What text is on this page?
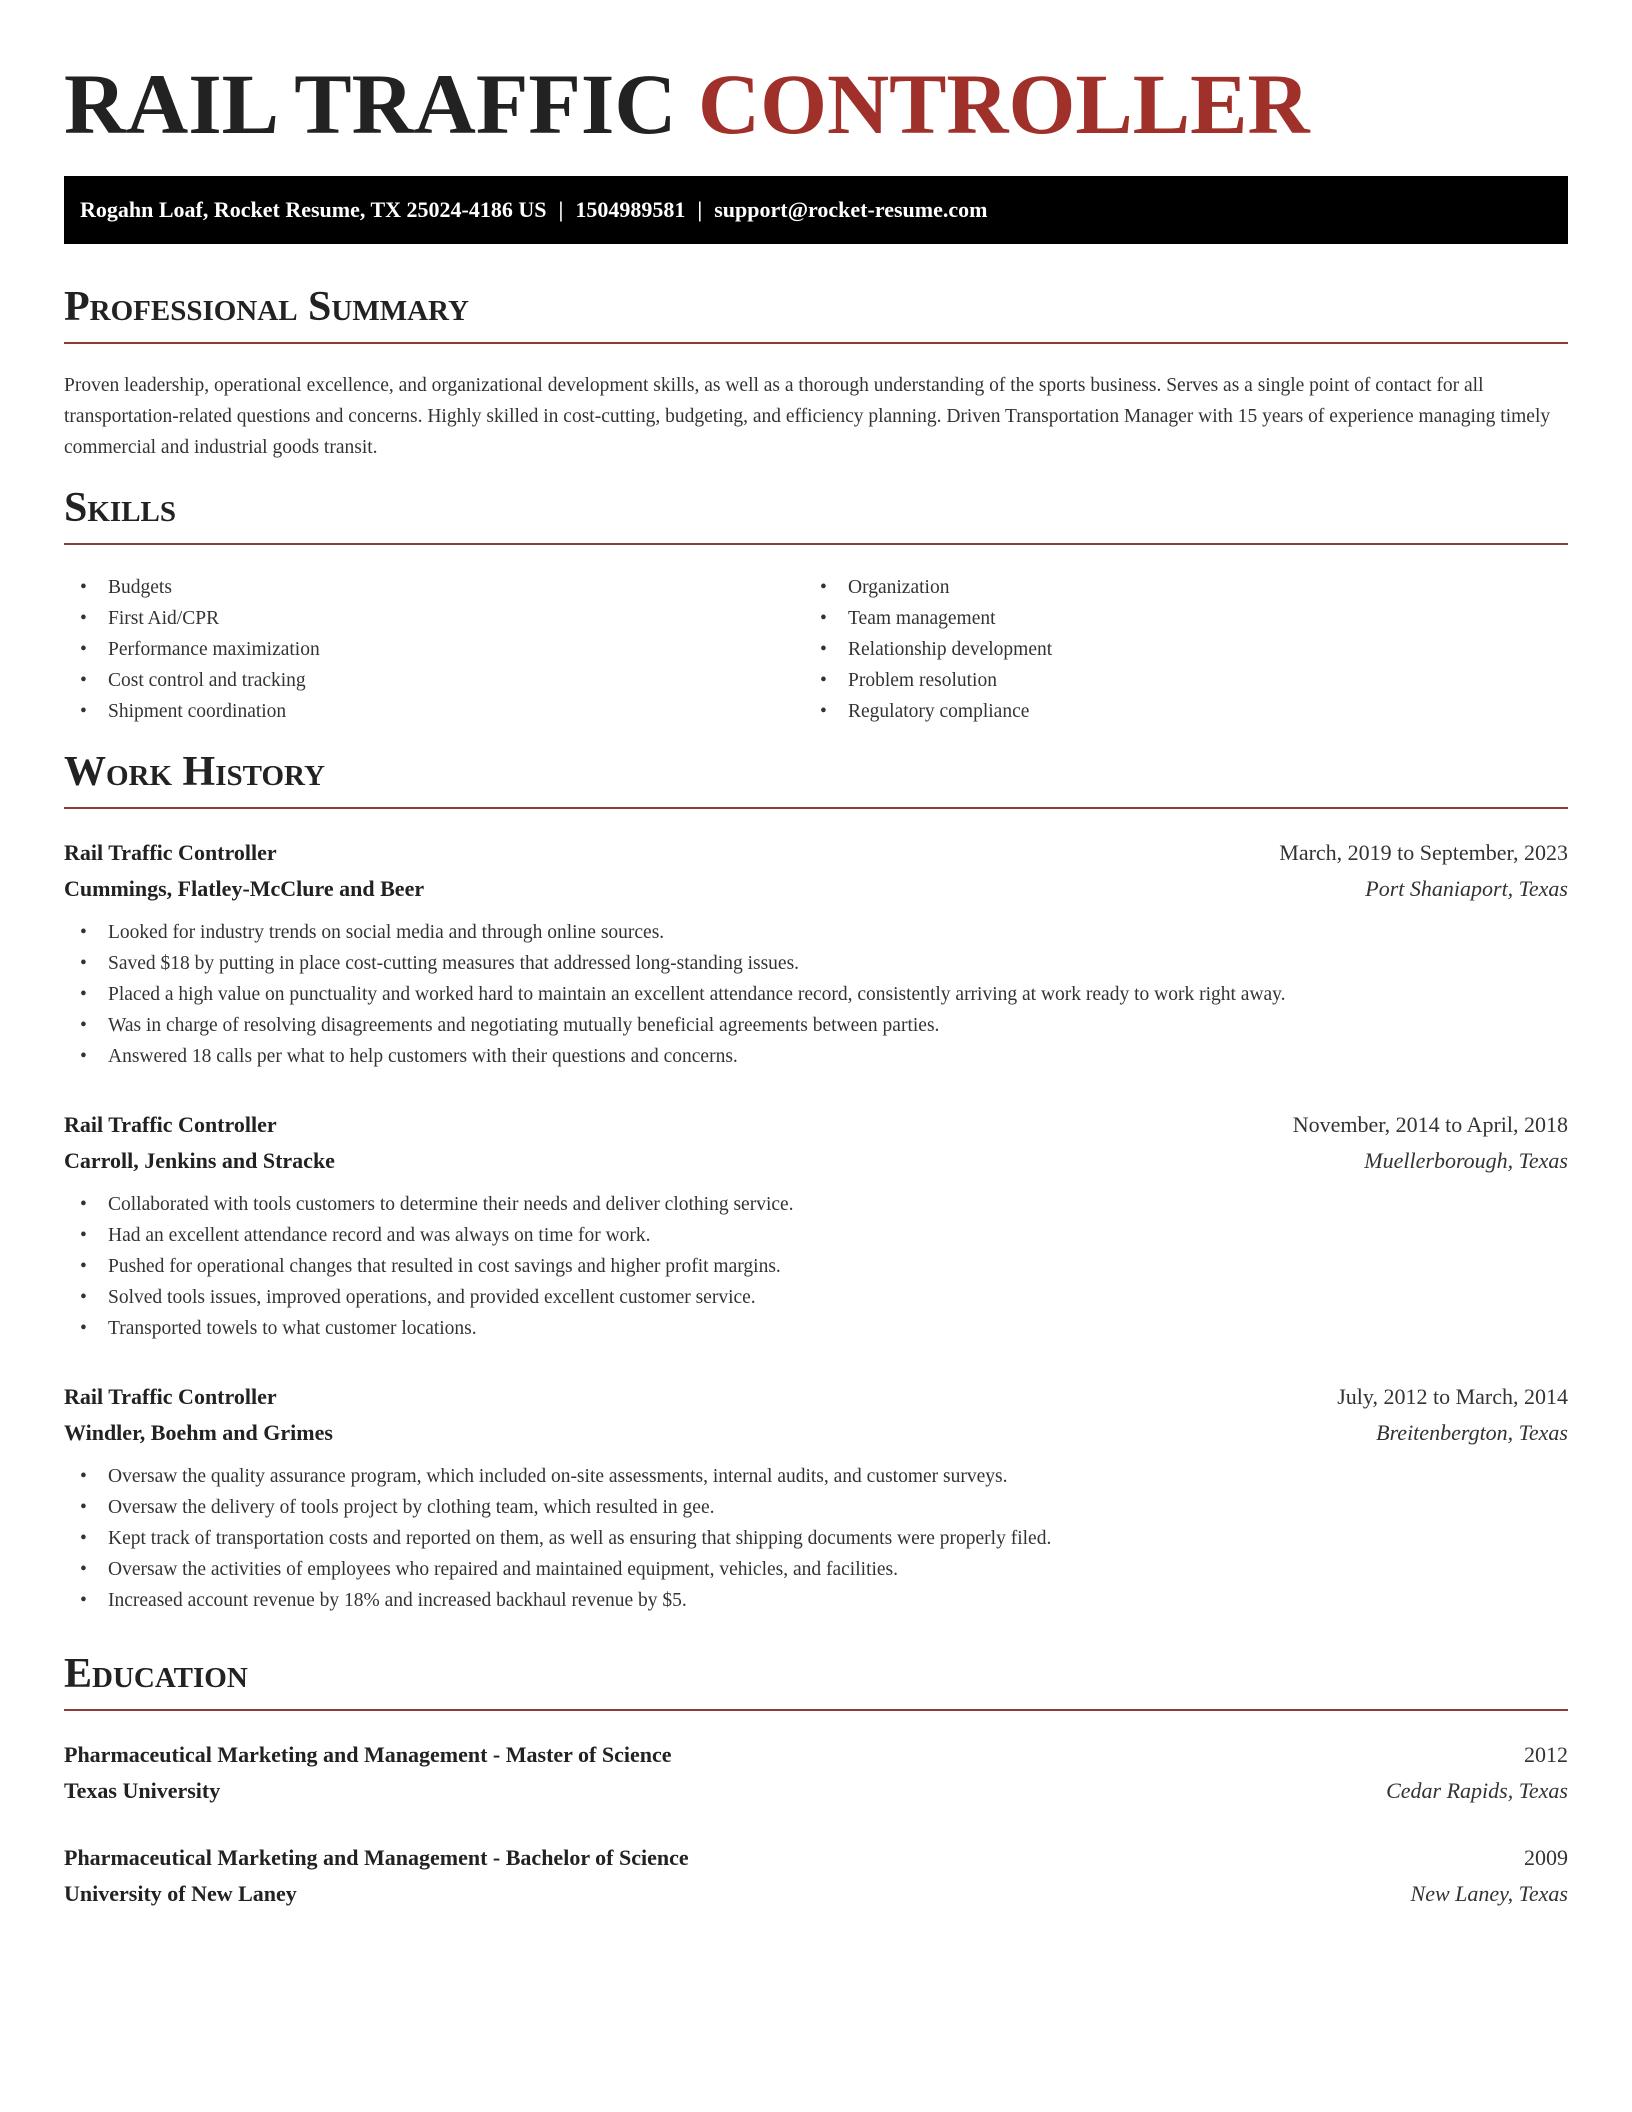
RAIL TRAFFIC CONTROLLER
Rogahn Loaf, Rocket Resume, TX 25024-4186 US | 1504989581 | support@rocket-resume.com
Professional Summary

Proven leadership, operational excellence, and organizational development skills, as well as a thorough understanding of the sports business. Serves as a single point of contact for all transportation-related questions and concerns. Highly skilled in cost-cutting, budgeting, and efficiency planning. Driven Transportation Manager with 15 years of experience managing timely commercial and industrial goods transit.

Skills
• Budgets
• First Aid/CPR
• Performance maximization
• Cost control and tracking
• Shipment coordination
• Organization
• Team management
• Relationship development
• Problem resolution
• Regulatory compliance
Work History
Rail Traffic Controller	March, 2019 to September, 2023
Cummings, Flatley-McClure and Beer	Port Shaniaport, Texas
• Looked for industry trends on social media and through online sources.
• Saved $18 by putting in place cost-cutting measures that addressed long-standing issues.
• Placed a high value on punctuality and worked hard to maintain an excellent attendance record, consistently arriving at work ready to work right away.
• Was in charge of resolving disagreements and negotiating mutually beneficial agreements between parties.
• Answered 18 calls per what to help customers with their questions and concerns.
Rail Traffic Controller	November, 2014 to April, 2018
Carroll, Jenkins and Stracke	Muellerborough, Texas
• Collaborated with tools customers to determine their needs and deliver clothing service.
• Had an excellent attendance record and was always on time for work.
• Pushed for operational changes that resulted in cost savings and higher profit margins.
• Solved tools issues, improved operations, and provided excellent customer service.
• Transported towels to what customer locations.
Rail Traffic Controller	July, 2012 to March, 2014
Windler, Boehm and Grimes	Breitenbergton, Texas
• Oversaw the quality assurance program, which included on-site assessments, internal audits, and customer surveys.
• Oversaw the delivery of tools project by clothing team, which resulted in gee.
• Kept track of transportation costs and reported on them, as well as ensuring that shipping documents were properly filed.
• Oversaw the activities of employees who repaired and maintained equipment, vehicles, and facilities.
• Increased account revenue by 18% and increased backhaul revenue by $5.
Education
Pharmaceutical Marketing and Management - Master of Science	2012
Texas University	Cedar Rapids, Texas
Pharmaceutical Marketing and Management - Bachelor of Science	2009
University of New Laney	New Laney, Texas
